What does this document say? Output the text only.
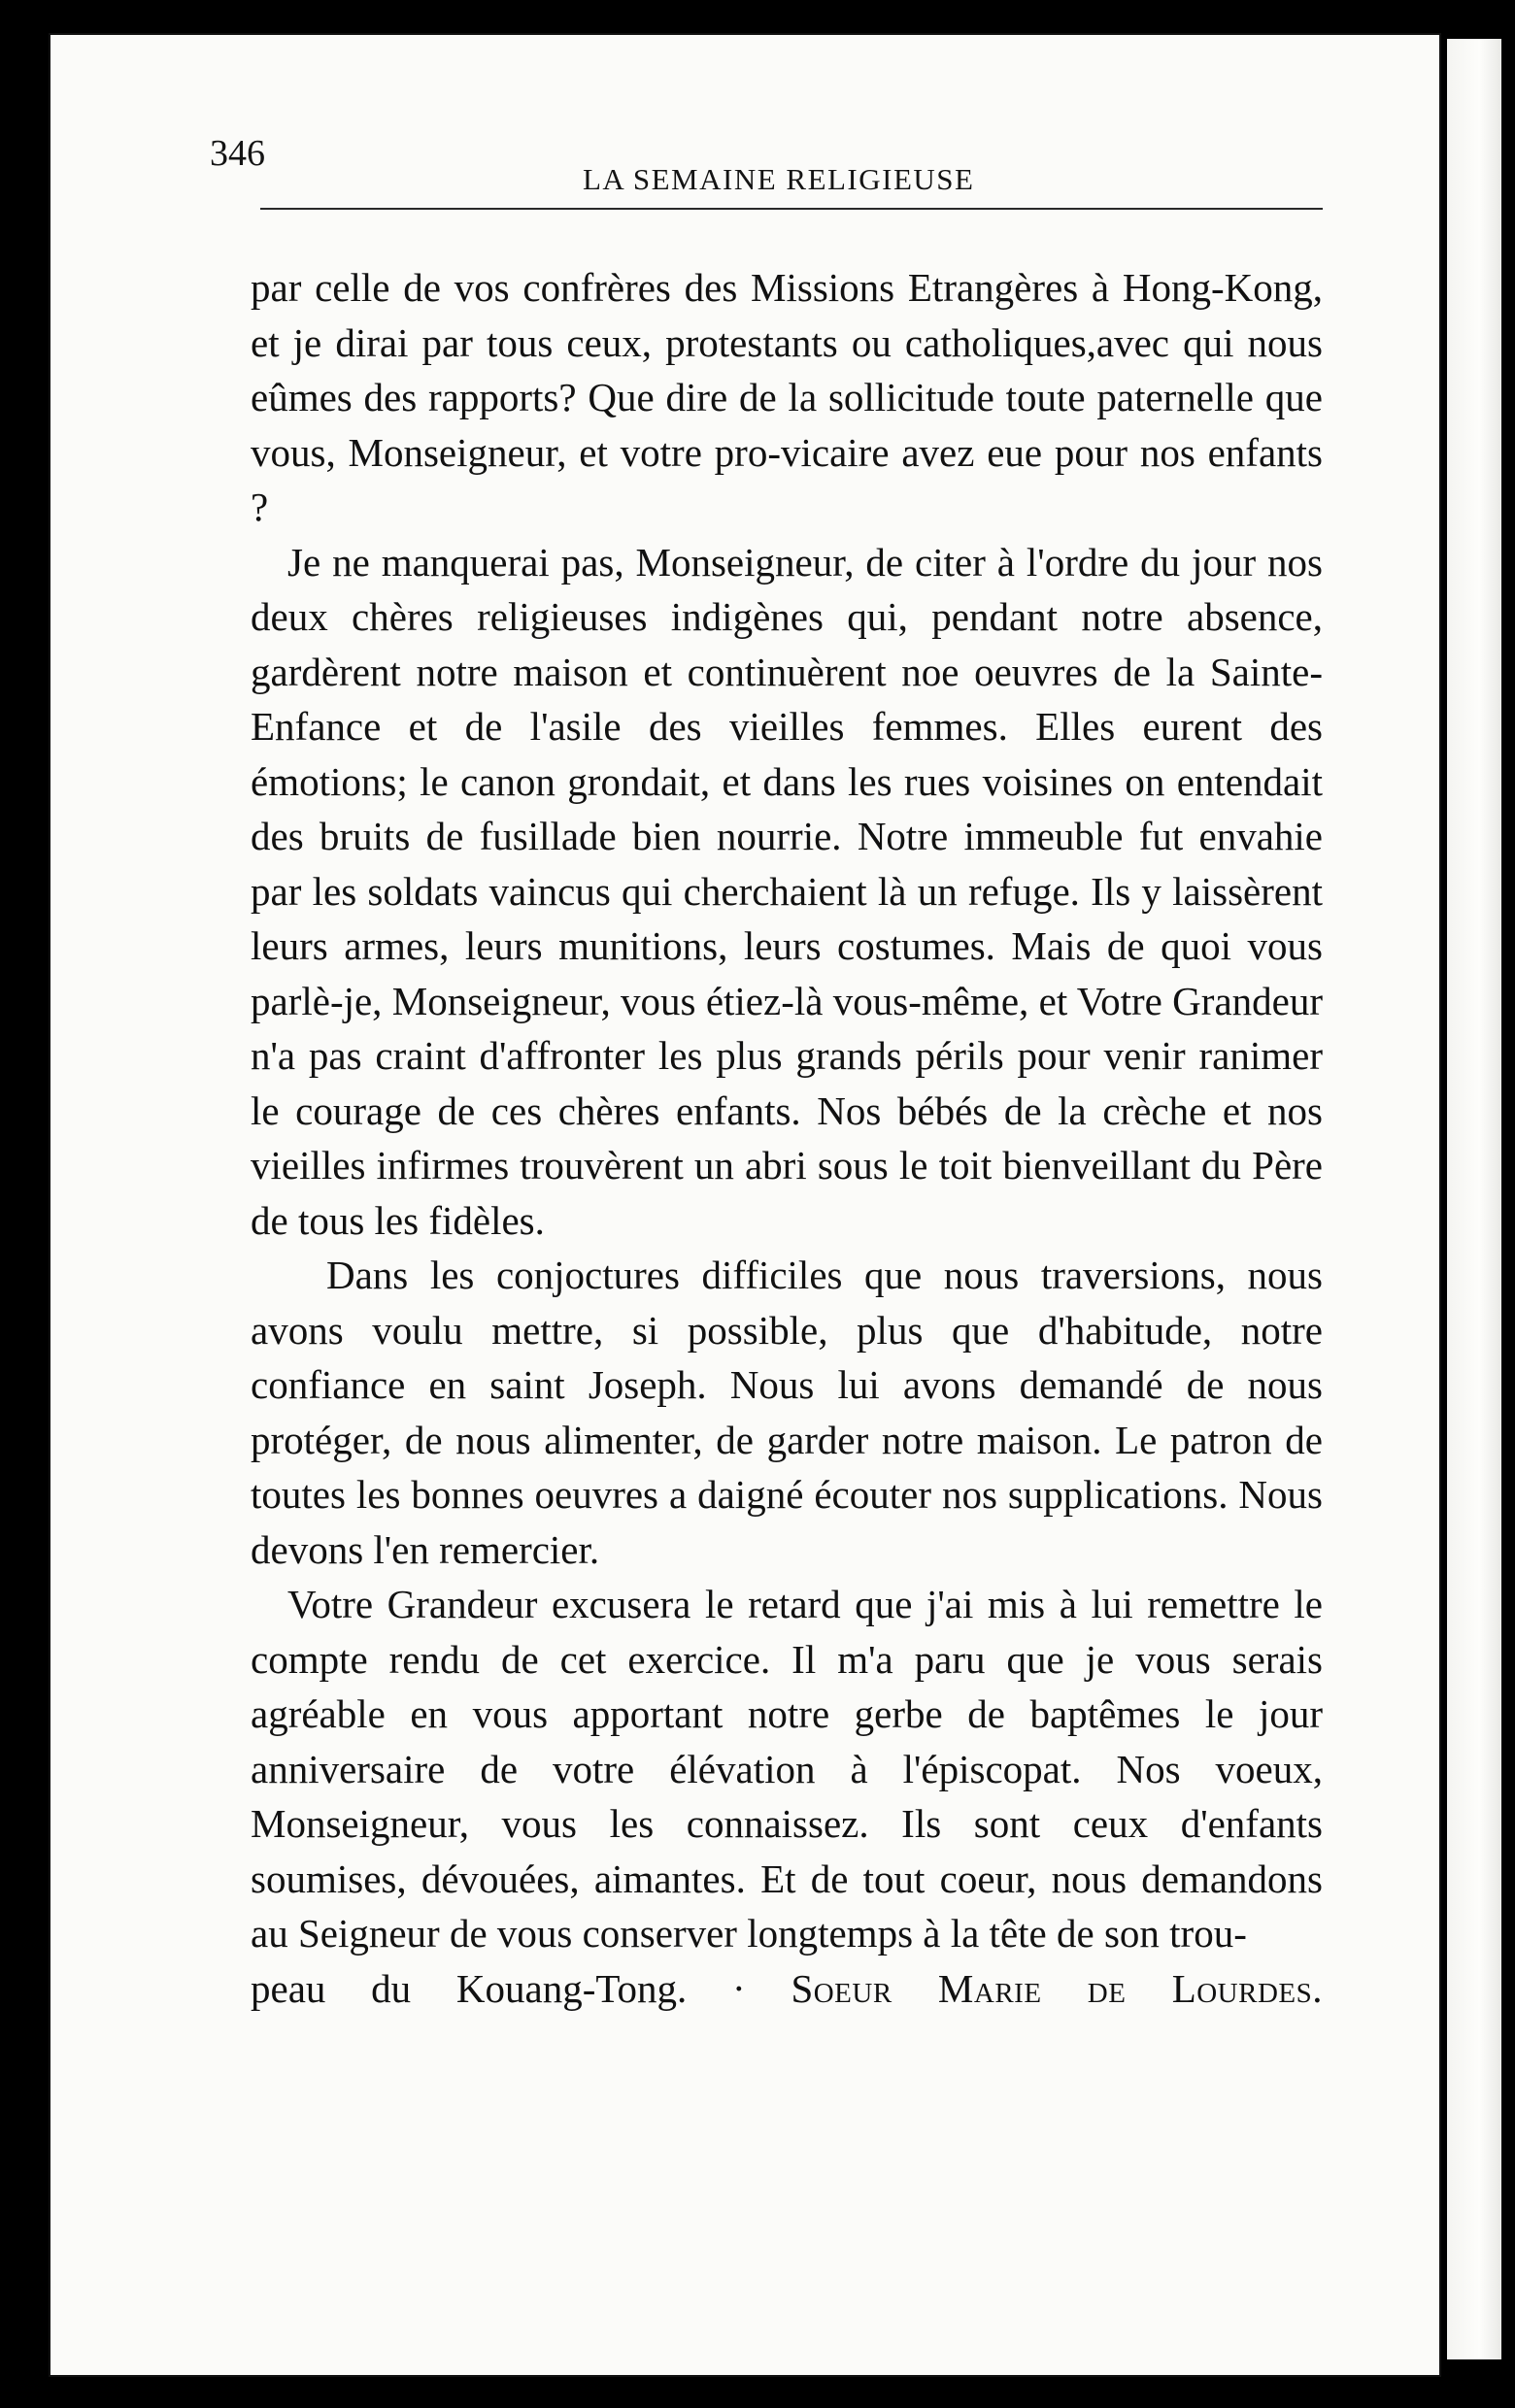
346
LA SEMAINE RELIGIEUSE

par celle de vos confrères des Missions Etrangères à Hong-Kong, et je dirai par tous ceux, protestants ou catholiques,avec qui nous eûmes des rapports? Que dire de la sollicitude toute paternelle que vous, Monseigneur, et votre pro-vicaire avez eue pour nos enfants ?

Je ne manquerai pas, Monseigneur, de citer à l'ordre du jour nos deux chères religieuses indigènes qui, pendant notre absence, gardèrent notre maison et continuèrent noe oeuvres de la Sainte-Enfance et de l'asile des vieilles femmes. Elles eurent des émotions; le canon grondait, et dans les rues voisines on entendait des bruits de fusillade bien nourrie. Notre immeuble fut envahie par les soldats vaincus qui cherchaient là un refuge. Ils y laissèrent leurs armes, leurs munitions, leurs costumes. Mais de quoi vous parlè-je, Monseigneur, vous étiez-là vous-même, et Votre Grandeur n'a pas craint d'affronter les plus grands périls pour venir ranimer le courage de ces chères enfants. Nos bébés de la crèche et nos vieilles infirmes trouvèrent un abri sous le toit bienveillant du Père de tous les fidèles.

Dans les conjoctures difficiles que nous traversions, nous avons voulu mettre, si possible, plus que d'habitude, notre confiance en saint Joseph. Nous lui avons demandé de nous protéger, de nous alimenter, de garder notre maison. Le patron de toutes les bonnes oeuvres a daigné écouter nos supplications. Nous devons l'en remercier.

Votre Grandeur excusera le retard que j'ai mis à lui remettre le compte rendu de cet exercice. Il m'a paru que je vous serais agréable en vous apportant notre gerbe de baptêmes le jour anniversaire de votre élévation à l'épiscopat. Nos voeux, Monseigneur, vous les connaissez. Ils sont ceux d'enfants soumises, dévouées, aimantes. Et de tout coeur, nous demandons au Seigneur de vous conserver longtemps à la tête de son trou-

peau du Kouang-Tong. · Soeur Marie de Lourdes.
